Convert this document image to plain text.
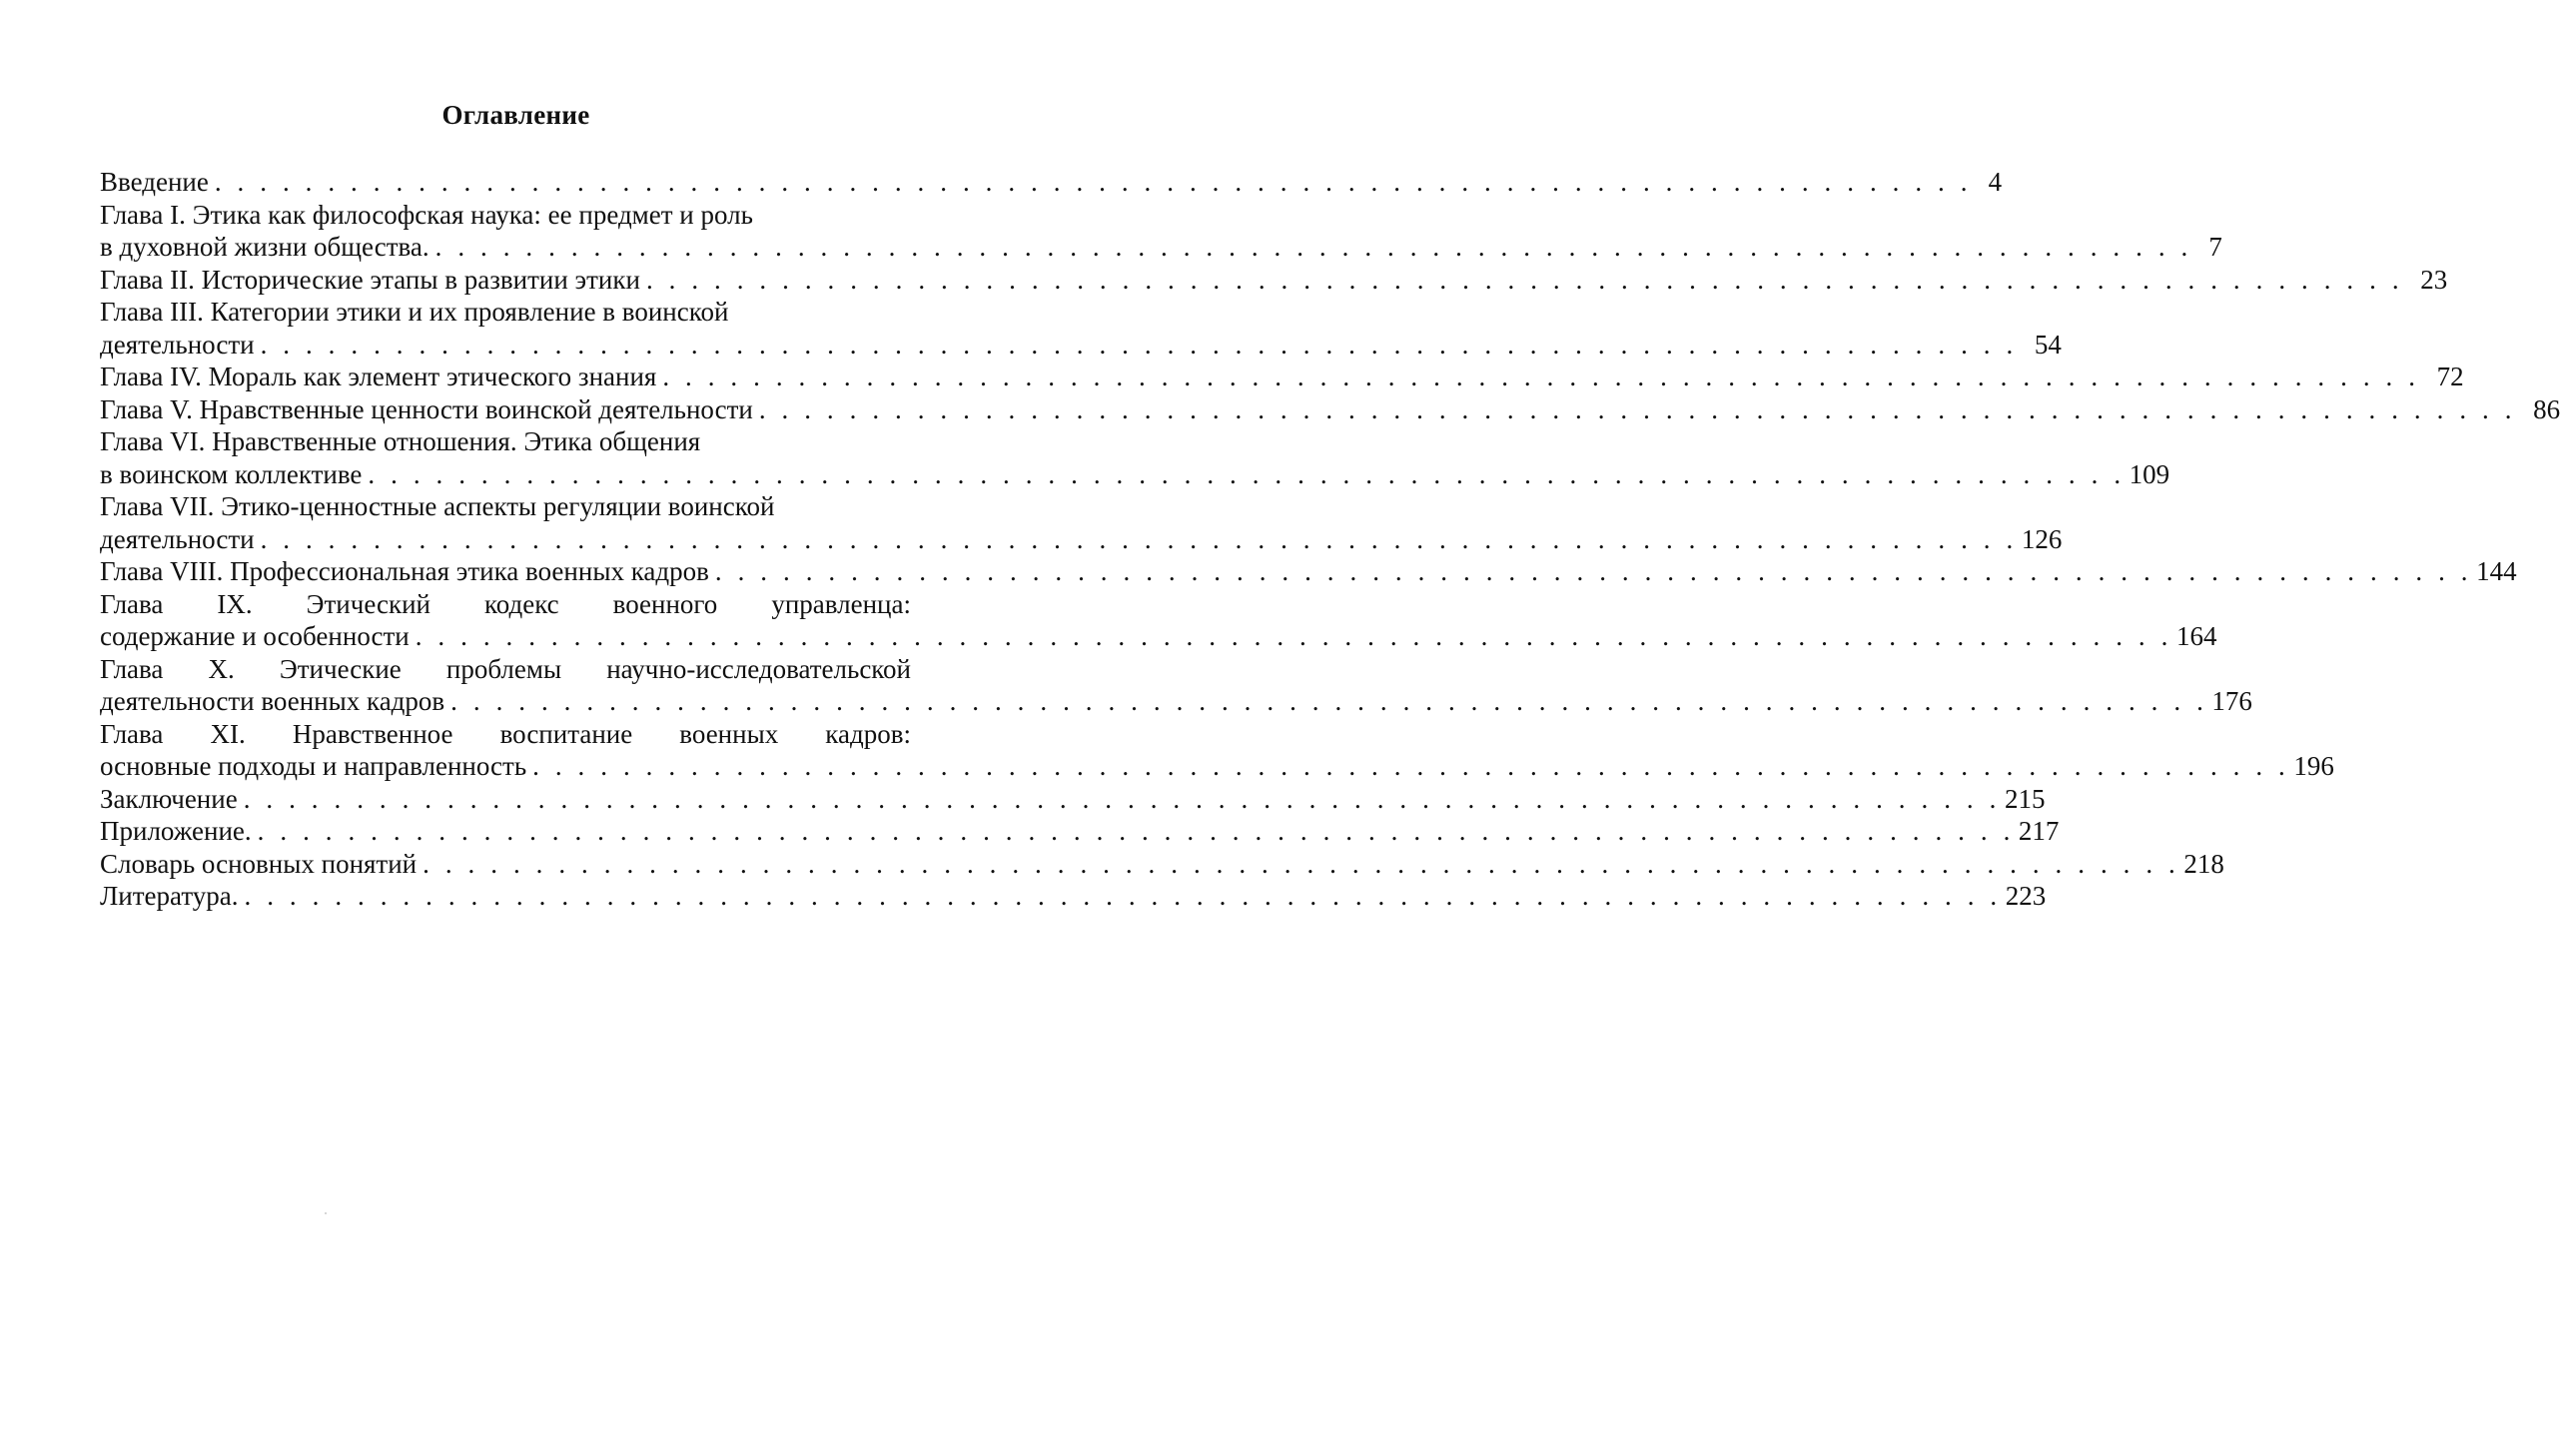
Оглавление
Введение . . . . . . . . . . . . . . . . . . . . . . . . . . . . . . . . . . . . . . . . . . . . . . . . . . . . . . . . . . . . . . . . . . . . . . . . . . . . . . 4
Глава I. Этика как философская наука: ее предмет и роль
в духовной жизни общества. . . . . . . . . . . . . . . . . . . . . . . . . . . . . . . . . . . . . . . . . . . . . . . . . . . . . . . . . . . . . . . . . . . . . . . . . . . . . . . 7
Глава II. Исторические этапы в развитии этики . . . . . . . . . . . . . . . . . . . . . . . . . . . . . . . . . . . . . . . . . . . . . . . . . . . . . . . . . . . . . . . . . . . . . . . . . . . . . . 23
Глава III. Категории этики и их проявление в воинской
деятельности . . . . . . . . . . . . . . . . . . . . . . . . . . . . . . . . . . . . . . . . . . . . . . . . . . . . . . . . . . . . . . . . . . . . . . . . . . . . . . 54
Глава IV. Мораль как элемент этического знания . . . . . . . . . . . . . . . . . . . . . . . . . . . . . . . . . . . . . . . . . . . . . . . . . . . . . . . . . . . . . . . . . . . . . . . . . . . . . . 72
Глава V. Нравственные ценности воинской деятельности . . . . . . . . . . . . . . . . . . . . . . . . . . . . . . . . . . . . . . . . . . . . . . . . . . . . . . . . . . . . . . . . . . . . . . . . . . . . . . 86
Глава VI. Нравственные отношения. Этика общения
в воинском коллективе . . . . . . . . . . . . . . . . . . . . . . . . . . . . . . . . . . . . . . . . . . . . . . . . . . . . . . . . . . . . . . . . . . . . . . . . . . . . . . 109
Глава VII. Этико-ценностные аспекты регуляции воинской
деятельности . . . . . . . . . . . . . . . . . . . . . . . . . . . . . . . . . . . . . . . . . . . . . . . . . . . . . . . . . . . . . . . . . . . . . . . . . . . . . . 126
Глава VIII. Профессиональная этика военных кадров . . . . . . . . . . . . . . . . . . . . . . . . . . . . . . . . . . . . . . . . . . . . . . . . . . . . . . . . . . . . . . . . . . . . . . . . . . . . . . 144
Глава IX. Этический кодекс военного управленца:
содержание и особенности . . . . . . . . . . . . . . . . . . . . . . . . . . . . . . . . . . . . . . . . . . . . . . . . . . . . . . . . . . . . . . . . . . . . . . . . . . . . . . 164
Глава X. Этические проблемы научно-исследовательской
деятельности военных кадров . . . . . . . . . . . . . . . . . . . . . . . . . . . . . . . . . . . . . . . . . . . . . . . . . . . . . . . . . . . . . . . . . . . . . . . . . . . . . . 176
Глава XI. Нравственное воспитание военных кадров:
основные подходы и направленность . . . . . . . . . . . . . . . . . . . . . . . . . . . . . . . . . . . . . . . . . . . . . . . . . . . . . . . . . . . . . . . . . . . . . . . . . . . . . . 196
Заключение . . . . . . . . . . . . . . . . . . . . . . . . . . . . . . . . . . . . . . . . . . . . . . . . . . . . . . . . . . . . . . . . . . . . . . . . . . . . . . 215
Приложение. . . . . . . . . . . . . . . . . . . . . . . . . . . . . . . . . . . . . . . . . . . . . . . . . . . . . . . . . . . . . . . . . . . . . . . . . . . . . . . 217
Словарь основных понятий . . . . . . . . . . . . . . . . . . . . . . . . . . . . . . . . . . . . . . . . . . . . . . . . . . . . . . . . . . . . . . . . . . . . . . . . . . . . . . 218
Литература. . . . . . . . . . . . . . . . . . . . . . . . . . . . . . . . . . . . . . . . . . . . . . . . . . . . . . . . . . . . . . . . . . . . . . . . . . . . . . . 223
